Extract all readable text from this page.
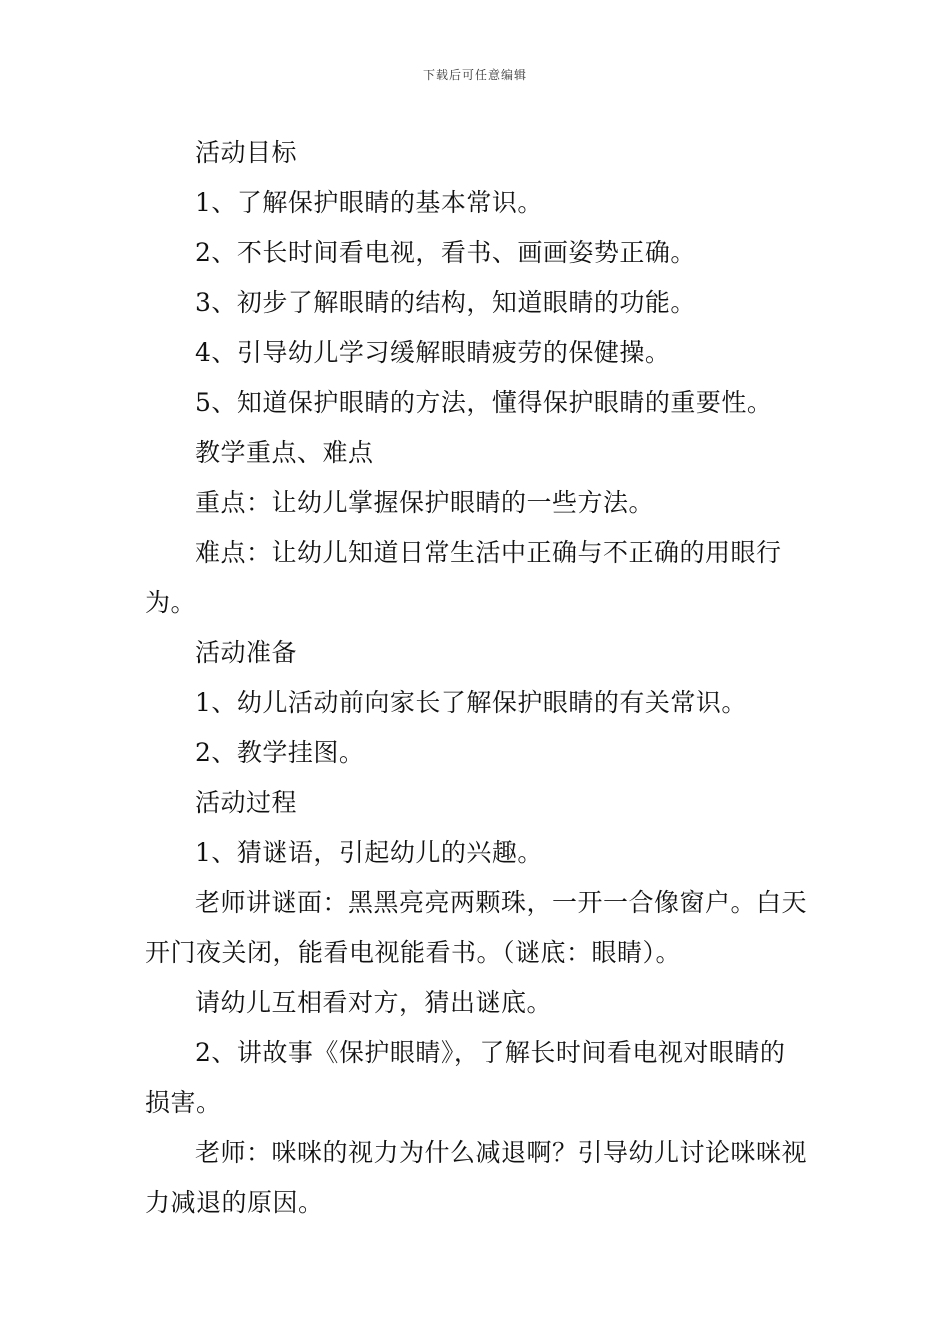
下载后可任意编辑

活动目标

1、了解保护眼睛的基本常识。

2、不长时间看电视，看书、画画姿势正确。

3、初步了解眼睛的结构，知道眼睛的功能。

4、引导幼儿学习缓解眼睛疲劳的保健操。

5、知道保护眼睛的方法，懂得保护眼睛的重要性。

教学重点、难点

重点：让幼儿掌握保护眼睛的一些方法。

难点：让幼儿知道日常生活中正确与不正确的用眼行为。

活动准备

1、幼儿活动前向家长了解保护眼睛的有关常识。

2、教学挂图。

活动过程

1、猜谜语，引起幼儿的兴趣。

老师讲谜面：黑黑亮亮两颗珠，一开一合像窗户。白天开门夜关闭，能看电视能看书。（谜底：眼睛）。

请幼儿互相看对方，猜出谜底。

2、讲故事《保护眼睛》，了解长时间看电视对眼睛的损害。

老师：咪咪的视力为什么减退啊？引导幼儿讨论咪咪视力减退的原因。
